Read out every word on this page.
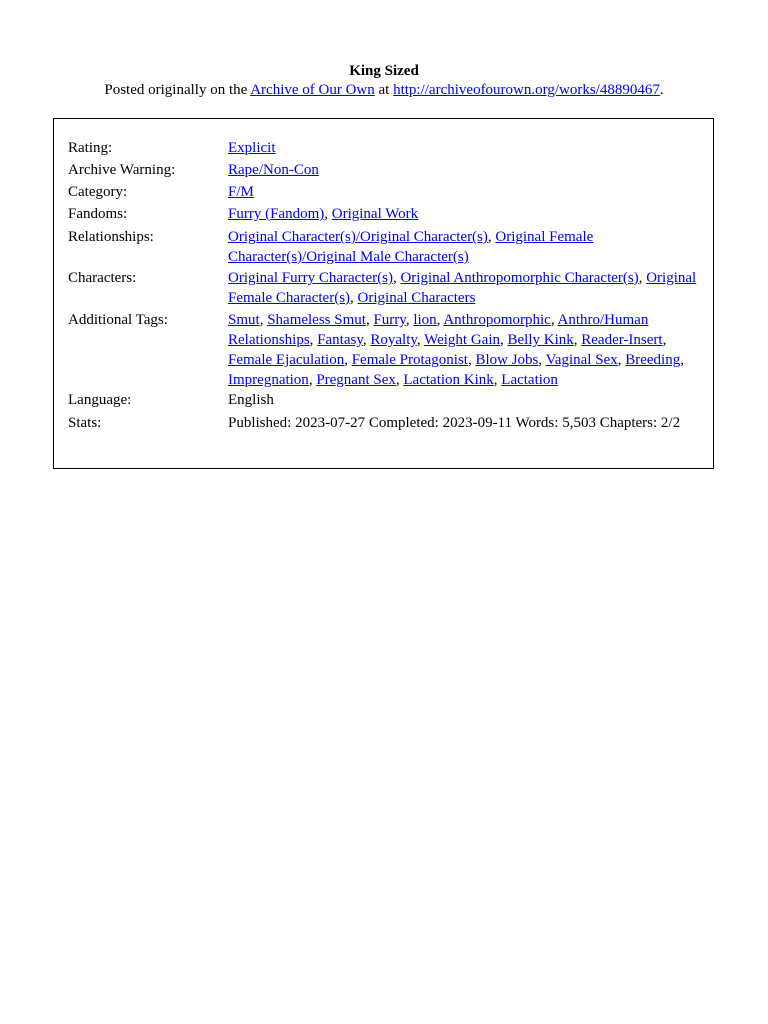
King Sized
Posted originally on the Archive of Our Own at http://archiveofourown.org/works/48890467.
Rating:	Explicit
Archive Warning:	Rape/Non-Con
Category:	F/M
Fandoms:	Furry (Fandom), Original Work
Relationships:	Original Character(s)/Original Character(s), Original Female Character(s)/Original Male Character(s)
Characters:	Original Furry Character(s), Original Anthropomorphic Character(s), Original Female Character(s), Original Characters
Additional Tags:	Smut, Shameless Smut, Furry, lion, Anthropomorphic, Anthro/Human Relationships, Fantasy, Royalty, Weight Gain, Belly Kink, Reader-Insert, Female Ejaculation, Female Protagonist, Blow Jobs, Vaginal Sex, Breeding, Impregnation, Pregnant Sex, Lactation Kink, Lactation
Language:	English
Stats:	Published: 2023-07-27 Completed: 2023-09-11 Words: 5,503 Chapters: 2/2
